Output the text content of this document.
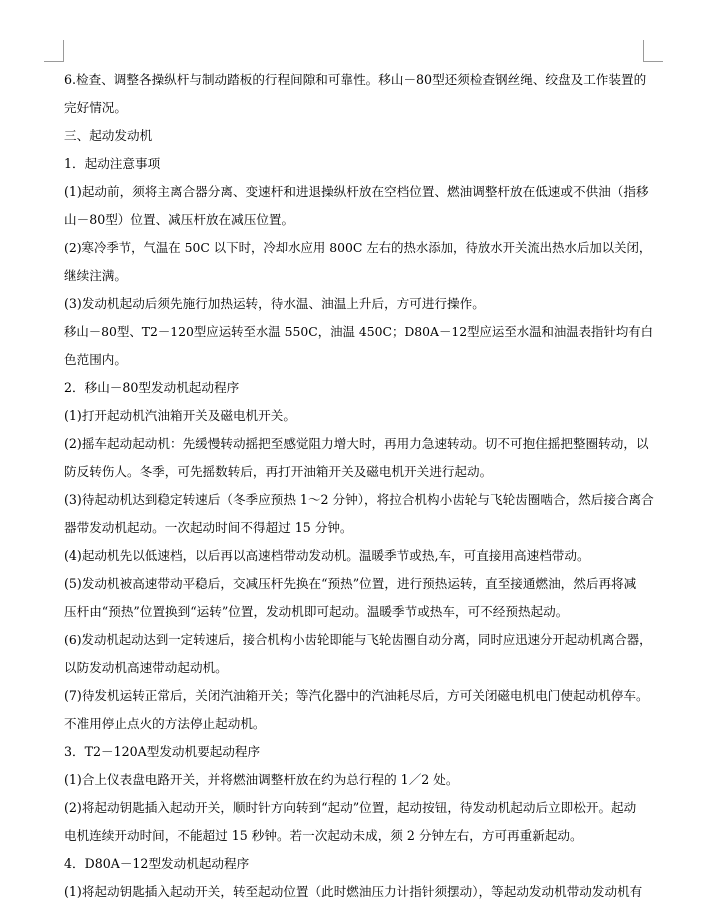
6.检查、调整各操纵杆与制动踏板的行程间隙和可靠性。移山－80型还须检查钢丝绳、绞盘及工作装置的
完好情况。
三、起动发动机
1．起动注意事项
(1)起动前，须将主离合器分离、变速杆和进退操纵杆放在空档位置、燃油调整杆放在低速或不供油（指移
山－80型）位置、减压杆放在减压位置。
(2)寒冷季节，气温在 50C 以下时，冷却水应用 800C 左右的热水添加，待放水开关流出热水后加以关闭，
继续注满。
(3)发动机起动后须先施行加热运转，待水温、油温上升后，方可进行操作。
移山－80型、T2－120型应运转至水温 550C，油温 450C；D80A－12型应运至水温和油温表指针均有白
色范围内。
2．移山－80型发动机起动程序
(1)打开起动机汽油箱开关及磁电机开关。
(2)摇车起动起动机：先缓慢转动摇把至感觉阻力增大时，再用力急速转动。切不可抱住摇把整圈转动，以
防反转伤人。冬季，可先摇数转后，再打开油箱开关及磁电机开关进行起动。
(3)待起动机达到稳定转速后（冬季应预热 1～2 分钟），将拉合机构小齿轮与飞轮齿圈啮合，然后接合离合
器带发动机起动。一次起动时间不得超过 15 分钟。
(4)起动机先以低速档，以后再以高速档带动发动机。温暖季节或热,车，可直接用高速档带动。
(5)发动机被高速带动平稳后，交减压杆先换在“预热”位置，进行预热运转，直至接通燃油，然后再将减
压杆由“预热”位置换到“运转”位置，发动机即可起动。温暖季节或热车，可不经预热起动。
(6)发动机起动达到一定转速后，接合机构小齿轮即能与飞轮齿圈自动分离，同时应迅速分开起动机离合器，
以防发动机高速带动起动机。
(7)待发机运转正常后，关闭汽油箱开关；等汽化器中的汽油耗尽后，方可关闭磁电机电门使起动机停车。
不准用停止点火的方法停止起动机。
3．T2－120A型发动机要起动程序
(1)合上仪表盘电路开关，并将燃油调整杆放在约为总行程的 1／2 处。
(2)将起动钥匙插入起动开关，顺时针方向转到“起动”位置，起动按钮，待发动机起动后立即松开。起动
电机连续开动时间，不能超过 15 秒钟。若一次起动未成，须 2 分钟左右，方可再重新起动。
4．D80A－12型发动机起动程序
(1)将起动钥匙插入起动开关，转至起动位置（此时燃油压力计指针须摆动），等起动发动机带动发动机有
